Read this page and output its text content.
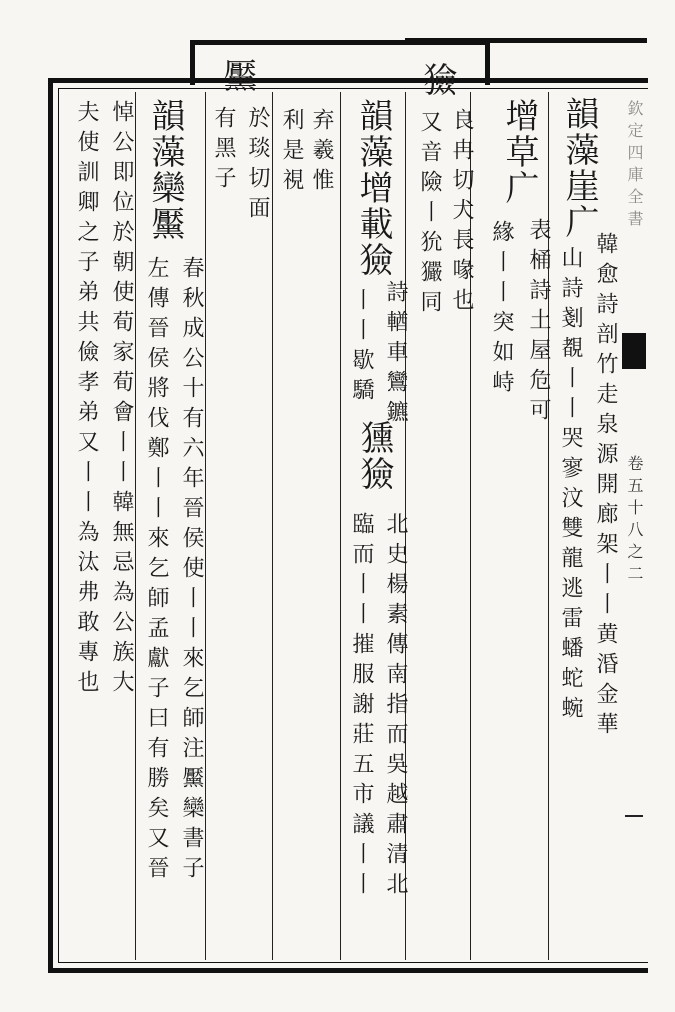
欽定四庫全書
卷五十八之二
韻藻崖广
韓愈詩剖竹走泉源開廊架丨丨黄涽金華
山詩剗覩丨丨哭寥汶雙龍逃雷蟠蛇蜿
增草广
表桶詩土屋危可
緣丨丨突如峙
獫
良冉切犬長喙也
又音險丨狁玁同
韻藻增載獫
詩輶車鸞鑣
丨丨歇驕
獯獫
北史楊素傳南指而吳越肅清北
臨而丨丨摧服謝莊五市議丨丨
弃羲惟
利是視
黶
於琰切面
有黑子
韻藻欒黶
春秋成公十有六年晉侯使丨丨來乞師注黶欒書子
左傳晉侯將伐鄭丨丨來乞師孟獻子曰有勝矣又晉
悼公即位於朝使荀家荀會丨丨韓無忌為公族大
夫使訓卿之子弟共儉孝弟又丨丨為汰弗敢專也
